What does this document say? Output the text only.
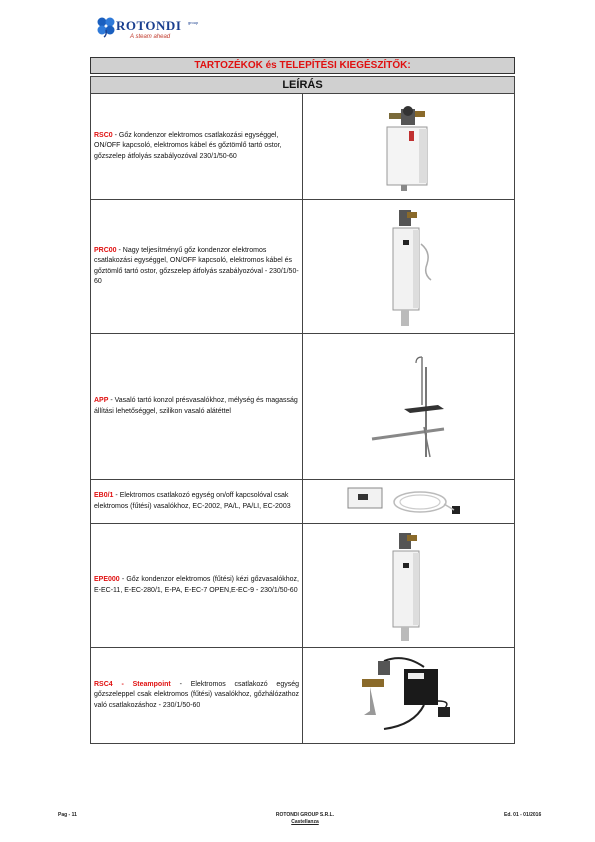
ROTONDI group
A steam ahead
TARTOZÉKOK és TELEPÍTÉSI KIEGÉSZÍTŐK:
LEÍRÁS	
RSC0 - Gőz kondenzor elektromos csatlakozási egységgel, ON/OFF kapcsoló, elektromos kábel és gőztömlő tartó ostor, gőzszelep átfolyás szabályozóval 230/1/50-60	

PRC00 - Nagy teljesítményű gőz kondenzor elektromos csatlakozási egységgel, ON/OFF kapcsoló, elektromos kábel és gőztömlő tartó ostor, gőzszelep átfolyás szabályozóval - 230/1/50-60	

APP - Vasaló tartó konzol présvasalókhoz, mélység és magasság állítási lehetőséggel, szilikon vasaló alátéttel	

EB0/1 - Elektromos csatlakozó egység on/off kapcsolóval csak elektromos (fűtési) vasalókhoz, EC-2002, PA/L, PA/LI, EC-2003	

EPE000 - Gőz kondenzor elektromos (fűtési) kézi gőzvasalókhoz, E-EC-11, E-EC-280/1, E-PA, E-EC-7 OPEN,E-EC-9 - 230/1/50-60	

RSC4 - Steampoint - Elektromos csatlakozó egység gőzszeleppel csak elektromos (fűtési) vasalókhoz, gőzhálózathoz való csatlakozáshoz - 230/1/50-60	
Pag - 11	ROTONDI GROUP S.R.L.
Castellanza
Ed. 01 - 01/2016
